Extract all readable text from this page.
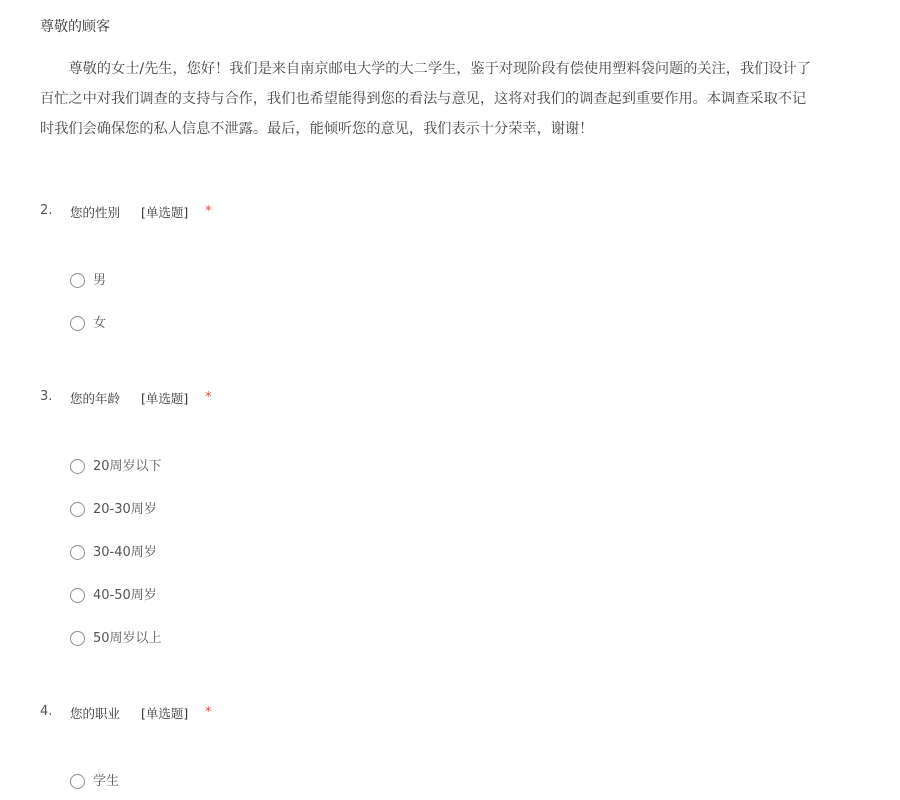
尊敬的顾客
　　尊敬的女士/先生，您好！我们是来自南京邮电大学的大二学生，鉴于对现阶段有偿使用塑料袋问题的关注，我们设计了
百忙之中对我们调查的支持与合作，我们也希望能得到您的看法与意见，这将对我们的调查起到重要作用。本调查采取不记
时我们会确保您的私人信息不泄露。最后，能倾听您的意见，我们表示十分荣幸，谢谢！
2. 您的性别 [单选题] *
男
女
3. 您的年龄 [单选题] *
20周岁以下
20-30周岁
30-40周岁
40-50周岁
50周岁以上
4. 您的职业 [单选题] *
学生
